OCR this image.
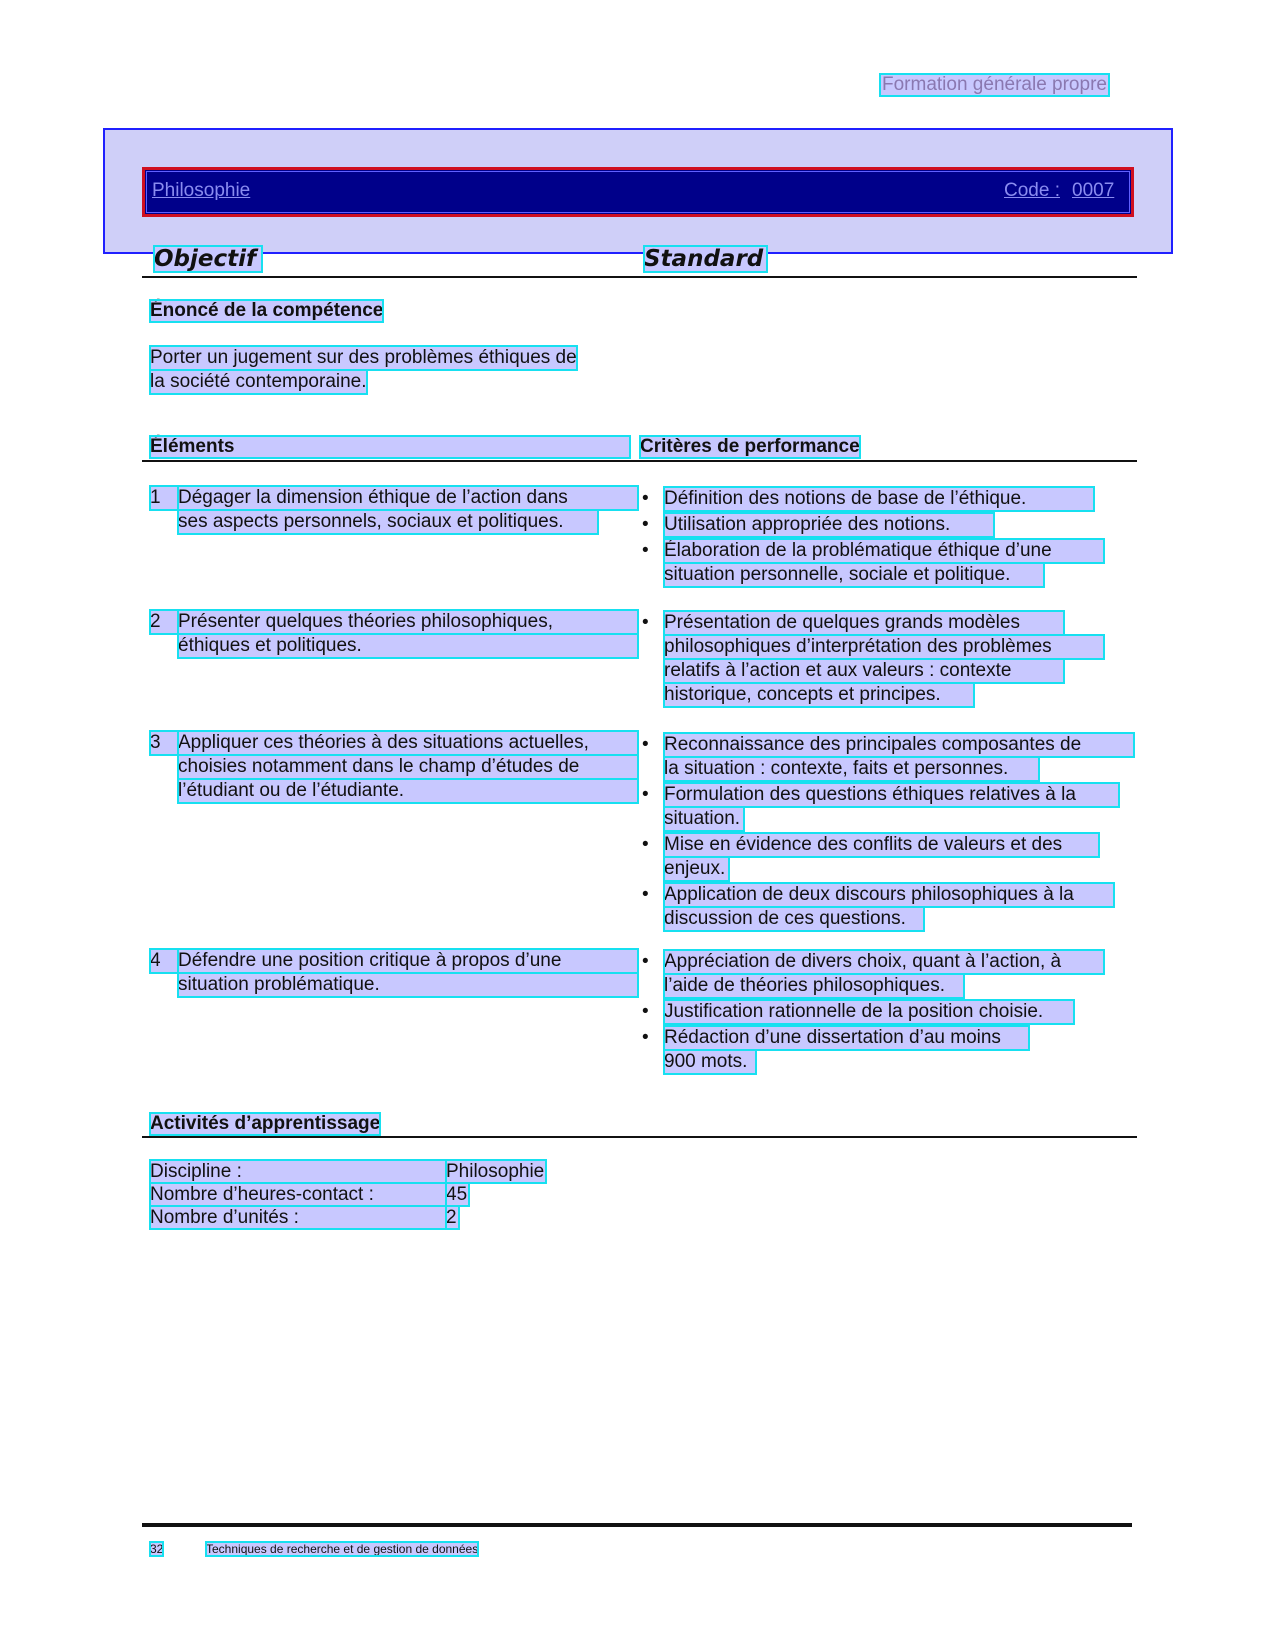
Formation générale propre
Philosophie	Code : 0007
Objectif	Standard
Énoncé de la compétence
Porter un jugement sur des problèmes éthiques de
la société contemporaine.
Éléments	Critères de performance
1 Dégager la dimension éthique de l’action dans
ses aspects personnels, sociaux et politiques.
• Définition des notions de base de l’éthique.
• Utilisation appropriée des notions.
• Élaboration de la problématique éthique d’une
situation personnelle, sociale et politique.
2 Présenter quelques théories philosophiques,
éthiques et politiques.
• Présentation de quelques grands modèles
philosophiques d’interprétation des problèmes
relatifs à l’action et aux valeurs : contexte
historique, concepts et principes.
3 Appliquer ces théories à des situations actuelles,
choisies notamment dans le champ d’études de
l’étudiant ou de l’étudiante.
• Reconnaissance des principales composantes de
la situation : contexte, faits et personnes.
• Formulation des questions éthiques relatives à la
situation.
• Mise en évidence des conflits de valeurs et des
enjeux.
• Application de deux discours philosophiques à la
discussion de ces questions.
4 Défendre une position critique à propos d’une
situation problématique.
• Appréciation de divers choix, quant à l’action, à
l’aide de théories philosophiques.
• Justification rationnelle de la position choisie.
• Rédaction d’une dissertation d’au moins
900 mots.
Activités d’apprentissage
Discipline :	Philosophie
Nombre d’heures-contact :	45
Nombre d’unités :	2
32	Techniques de recherche et de gestion de données
